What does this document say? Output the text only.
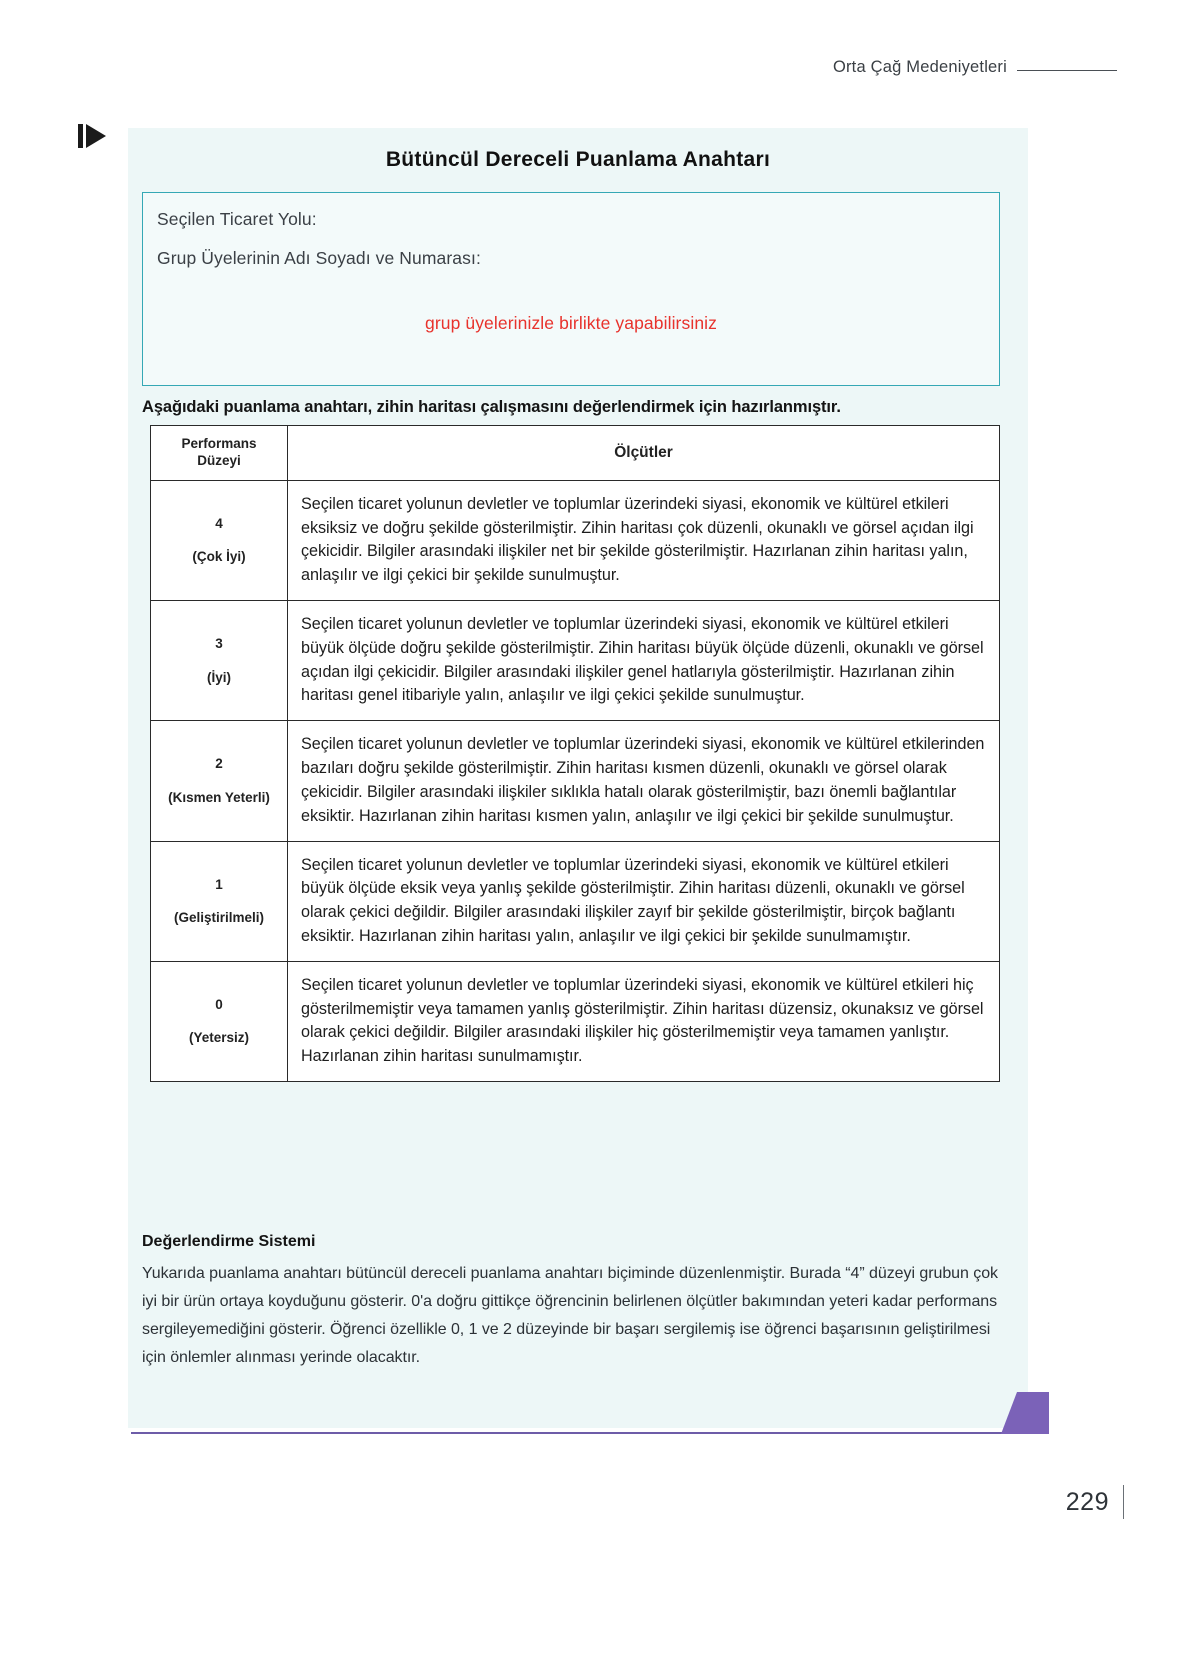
Orta Çağ Medeniyetleri
Bütüncül Dereceli Puanlama Anahtarı
Seçilen Ticaret Yolu:
Grup Üyelerinin Adı Soyadı ve Numarası:
grup üyelerinizle birlikte yapabilirsiniz
Aşağıdaki puanlama anahtarı, zihin haritası çalışmasını değerlendirmek için hazırlanmıştır.
Performans
Düzeyi	Ölçütler

4
(Çok İyi)	Seçilen ticaret yolunun devletler ve toplumlar üzerindeki siyasi, ekonomik ve kültürel etkileri eksiksiz ve doğru şekilde gösterilmiştir. Zihin haritası çok düzenli, okunaklı ve görsel açıdan ilgi çekicidir. Bilgiler arasındaki ilişkiler net bir şekilde gösterilmiştir. Hazırlanan zihin haritası yalın, anlaşılır ve ilgi çekici bir şekilde sunulmuştur.

3
(İyi)	Seçilen ticaret yolunun devletler ve toplumlar üzerindeki siyasi, ekonomik ve kültürel etkileri büyük ölçüde doğru şekilde gösterilmiştir. Zihin haritası büyük ölçüde düzenli, okunaklı ve görsel açıdan ilgi çekicidir. Bilgiler arasındaki ilişkiler genel hatlarıyla gösterilmiştir. Hazırlanan zihin haritası genel itibariyle yalın, anlaşılır ve ilgi çekici şekilde sunulmuştur.

2
(Kısmen Yeterli)	Seçilen ticaret yolunun devletler ve toplumlar üzerindeki siyasi, ekonomik ve kültürel etkilerinden bazıları doğru şekilde gösterilmiştir. Zihin haritası kısmen düzenli, okunaklı ve görsel olarak çekicidir. Bilgiler arasındaki ilişkiler sıklıkla hatalı olarak gösterilmiştir, bazı önemli bağlantılar eksiktir. Hazırlanan zihin haritası kısmen yalın, anlaşılır ve ilgi çekici bir şekilde sunulmuştur.

1
(Geliştirilmeli)	Seçilen ticaret yolunun devletler ve toplumlar üzerindeki siyasi, ekonomik ve kültürel etkileri büyük ölçüde eksik veya yanlış şekilde gösterilmiştir. Zihin haritası düzenli, okunaklı ve görsel olarak çekici değildir. Bilgiler arasındaki ilişkiler zayıf bir şekilde gösterilmiştir, birçok bağlantı eksiktir. Hazırlanan zihin haritası yalın, anlaşılır ve ilgi çekici bir şekilde sunulmamıştır.

0
(Yetersiz)	Seçilen ticaret yolunun devletler ve toplumlar üzerindeki siyasi, ekonomik ve kültürel etkileri hiç gösterilmemiştir veya tamamen yanlış gösterilmiştir. Zihin haritası düzensiz, okunaksız ve görsel olarak çekici değildir. Bilgiler arasındaki ilişkiler hiç gösterilmemiştir veya tamamen yanlıştır. Hazırlanan zihin haritası sunulmamıştır.
Değerlendirme Sistemi
Yukarıda puanlama anahtarı bütüncül dereceli puanlama anahtarı biçiminde düzenlenmiştir. Burada “4” düzeyi grubun çok iyi bir ürün ortaya koyduğunu gösterir. 0'a doğru gittikçe öğrencinin belirlenen ölçütler bakımından yeteri kadar performans sergileyemediğini gösterir. Öğrenci özellikle 0, 1 ve 2 düzeyinde bir başarı sergilemiş ise öğrenci başarısının geliştirilmesi için önlemler alınması yerinde olacaktır.
229
